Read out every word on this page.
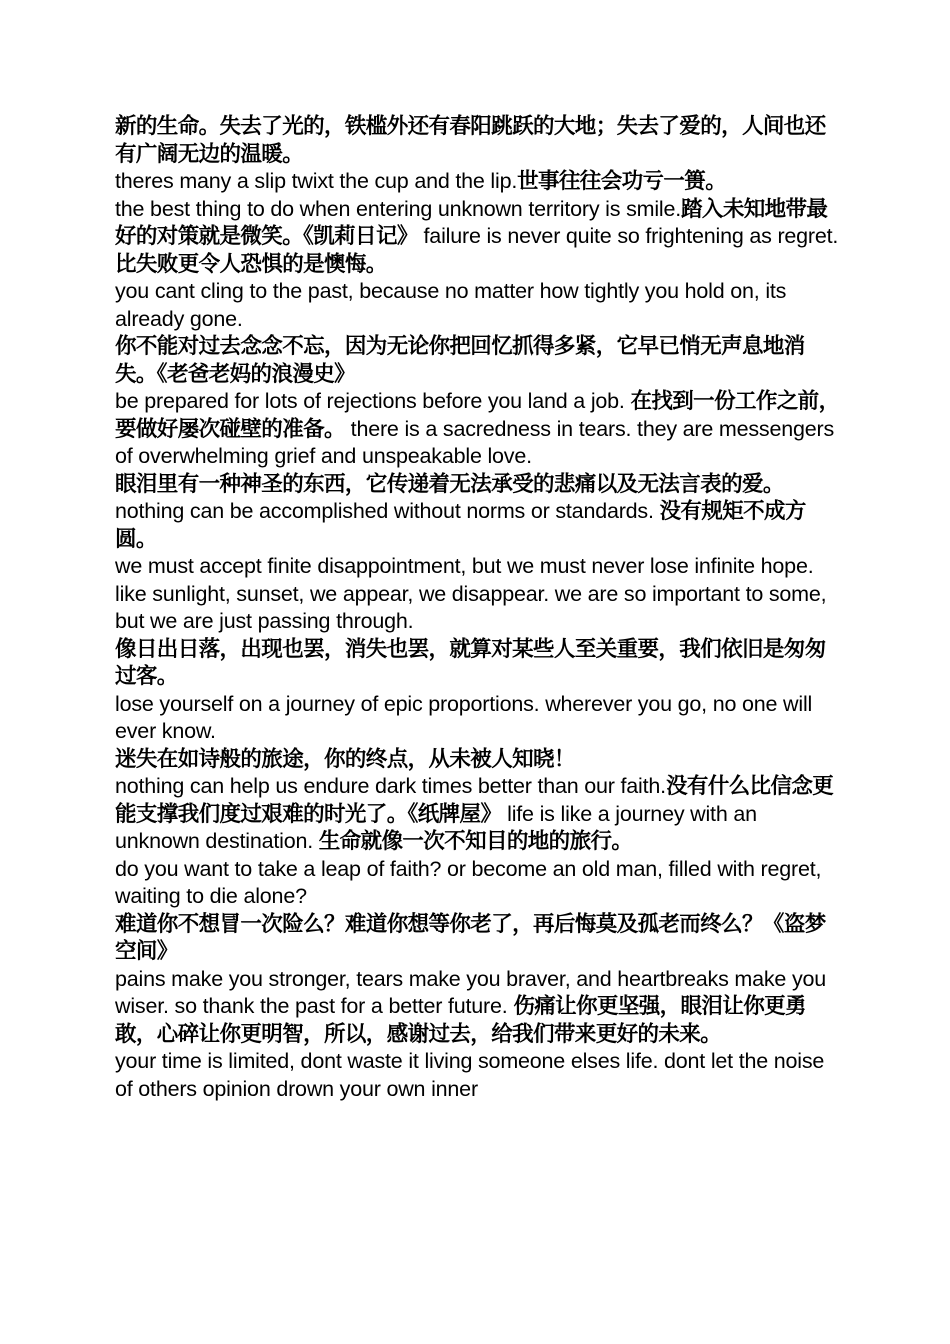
新的生命。失去了光的，铁槛外还有春阳跳跃的大地；失去了爱的，人间也还有广阔无边的温暖。

theres many a slip twixt the cup and the lip.世事往往会功亏一篑。

the best thing to do when entering unknown territory is smile.踏入未知地带最好的对策就是微笑。《凯莉日记》 failure is never quite so frightening as regret. 比失败更令人恐惧的是懊悔。

you cant cling to the past, because no matter how tightly you hold on, its already gone.

你不能对过去念念不忘，因为无论你把回忆抓得多紧，它早已悄无声息地消失。《老爸老妈的浪漫史》

be prepared for lots of rejections before you land a job. 在找到一份工作之前，要做好屡次碰壁的准备。 there is a sacredness in tears. they are messengers of overwhelming grief and unspeakable love.

眼泪里有一种神圣的东西，它传递着无法承受的悲痛以及无法言表的爱。

nothing can be accomplished without norms or standards. 没有规矩不成方圆。

we must accept finite disappointment, but we must never lose infinite hope.

like sunlight, sunset, we appear, we disappear. we are so important to some, but we are just passing through.

像日出日落，出现也罢，消失也罢，就算对某些人至关重要，我们依旧是匆匆过客。

lose yourself on a journey of epic proportions. wherever you go, no one will ever know.

迷失在如诗般的旅途，你的终点，从未被人知晓！

nothing can help us endure dark times better than our faith.没有什么比信念更能支撑我们度过艰难的时光了。《纸牌屋》 life is like a journey with an unknown destination. 生命就像一次不知目的地的旅行。

do you want to take a leap of faith? or become an old man, filled with regret, waiting to die alone?

难道你不想冒一次险么？难道你想等你老了，再后悔莫及孤老而终么？《盗梦空间》

pains make you stronger, tears make you braver, and heartbreaks make you wiser. so thank the past for a better future. 伤痛让你更坚强，眼泪让你更勇敢，心碎让你更明智，所以，感谢过去，给我们带来更好的未来。

your time is limited, dont waste it living someone elses life. dont let the noise of others opinion drown your own inner
